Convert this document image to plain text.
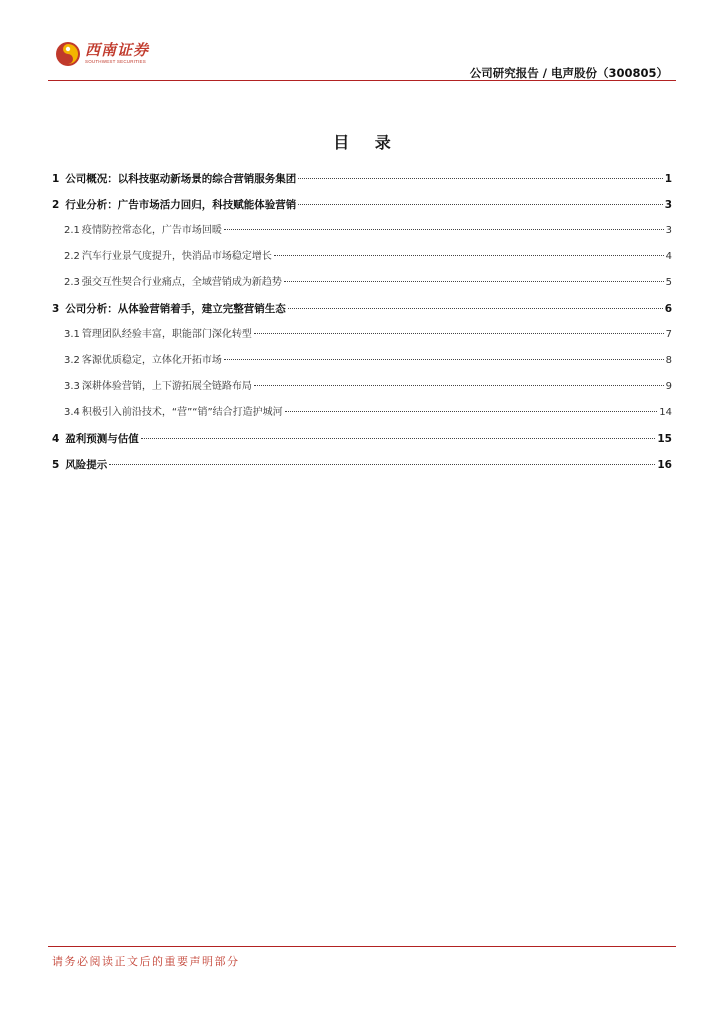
西南证券
SOUTHWEST SECURITIES
公司研究报告 / 电声股份（300805）
目 录
1 公司概况：以科技驱动新场景的综合营销服务集团	1
2 行业分析：广告市场活力回归，科技赋能体验营销	3
2.1 疫情防控常态化，广告市场回暖	3
2.2 汽车行业景气度提升，快消品市场稳定增长	4
2.3 强交互性契合行业痛点，全域营销成为新趋势	5
3 公司分析：从体验营销着手，建立完整营销生态	6
3.1 管理团队经验丰富，职能部门深化转型	7
3.2 客源优质稳定，立体化开拓市场	8
3.3 深耕体验营销，上下游拓展全链路布局	9
3.4 积极引入前沿技术，“营”“销”结合打造护城河	14
4 盈利预测与估值	15
5 风险提示	16
请务必阅读正文后的重要声明部分
